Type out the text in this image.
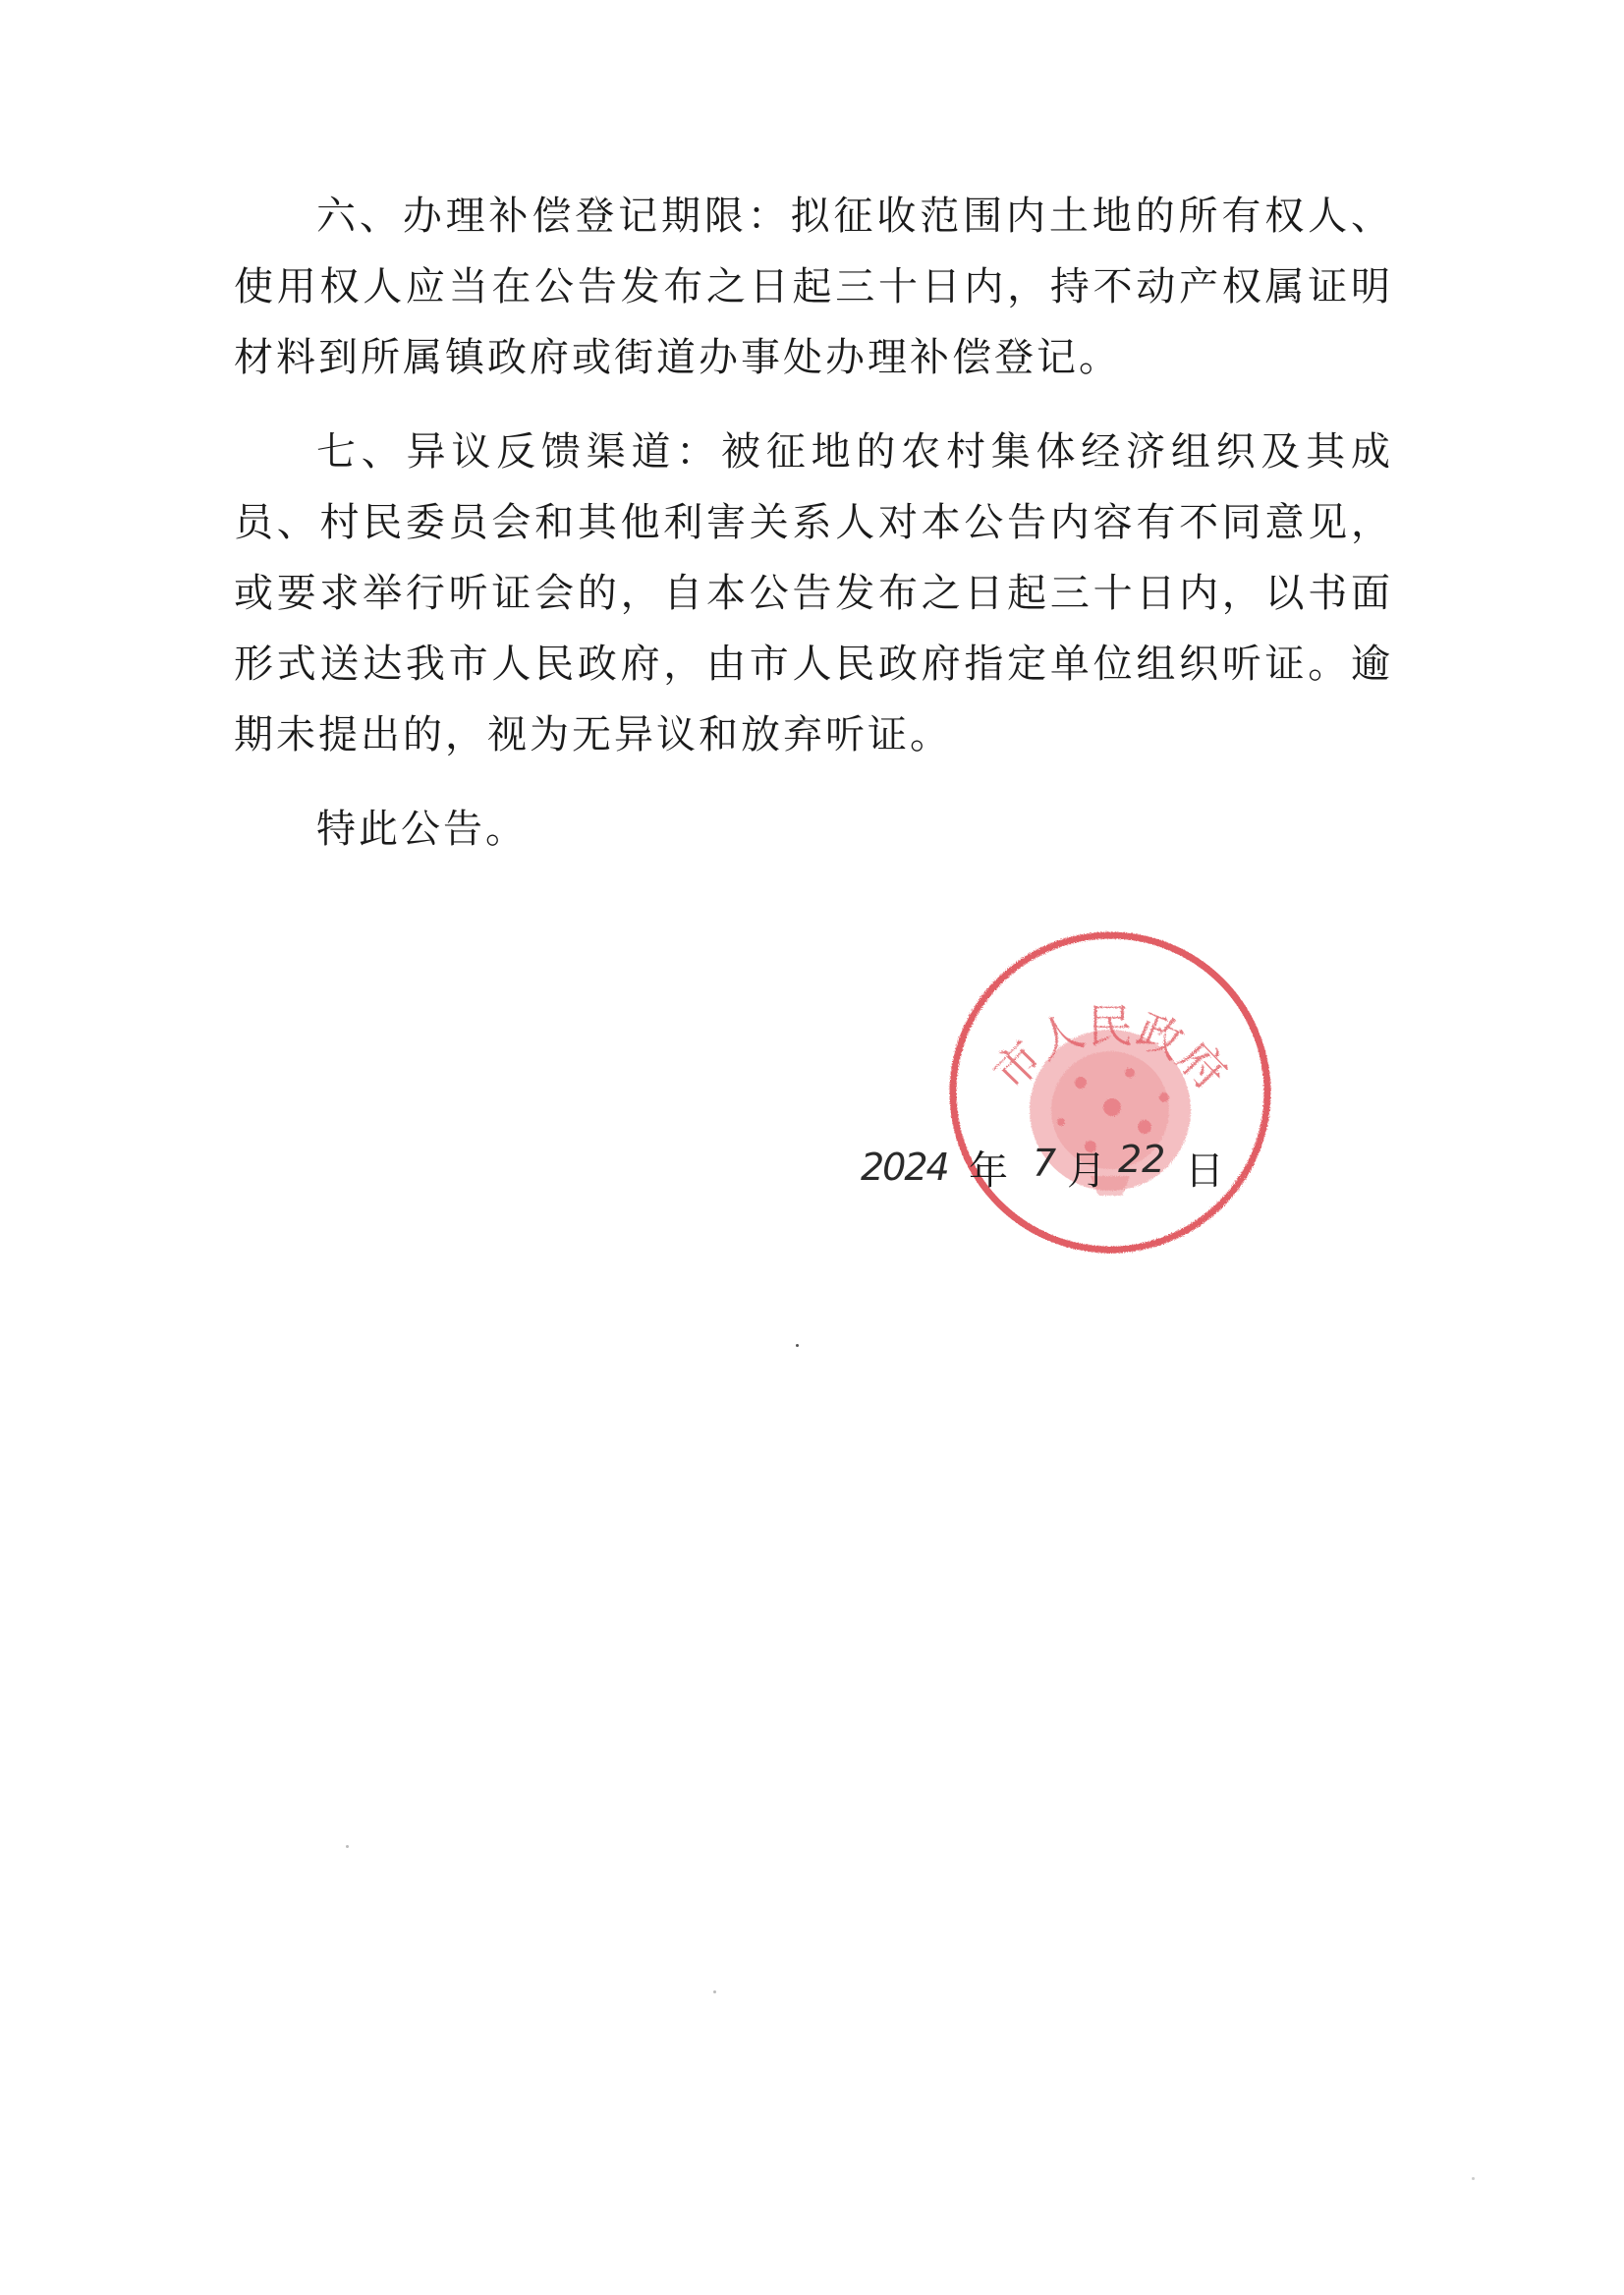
六、办理补偿登记期限：拟征收范围内土地的所有权人、使用权人应当在公告发布之日起三十日内，持不动产权属证明材料到所属镇政府或街道办事处办理补偿登记。

七、异议反馈渠道：被征地的农村集体经济组织及其成员、村民委员会和其他利害关系人对本公告内容有不同意见，或要求举行听证会的，自本公告发布之日起三十日内，以书面形式送达我市人民政府，由市人民政府指定单位组织听证。逾期未提出的，视为无异议和放弃听证。

特此公告。

市人民政府
2024 年 7 月 22 日
